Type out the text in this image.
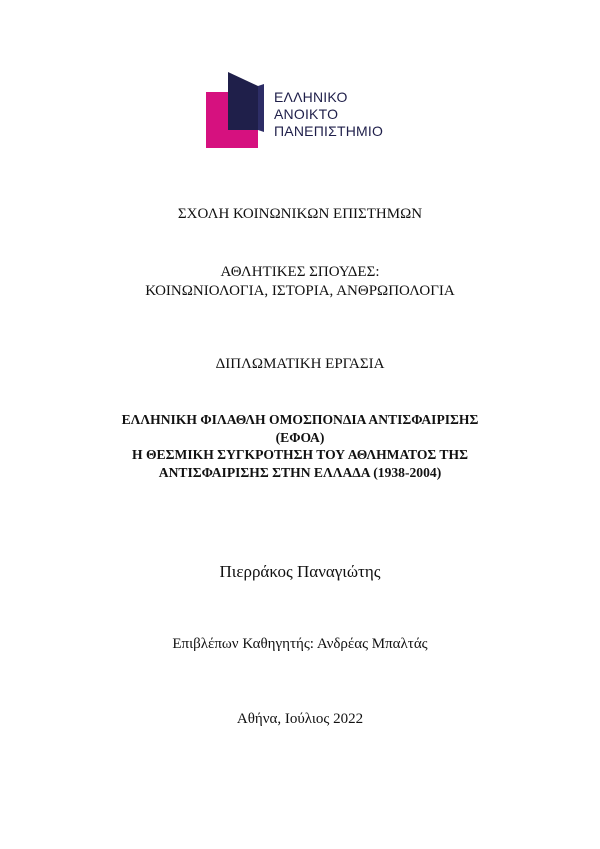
ΕΛΛΗΝΙΚΟ
ΑΝΟΙΚΤΟ
ΠΑΝΕΠΙΣΤΗΜΙΟ
ΣΧΟΛΗ ΚΟΙΝΩΝΙΚΩΝ ΕΠΙΣΤΗΜΩΝ
ΑΘΛΗΤΙΚΕΣ ΣΠΟΥΔΕΣ:
ΚΟΙΝΩΝΙΟΛΟΓΙΑ, ΙΣΤΟΡΙΑ, ΑΝΘΡΩΠΟΛΟΓΙΑ
ΔΙΠΛΩΜΑΤΙΚΗ ΕΡΓΑΣΙΑ
ΕΛΛΗΝΙΚΗ ΦΙΛΑΘΛΗ ΟΜΟΣΠΟΝΔΙΑ ΑΝΤΙΣΦΑΙΡΙΣΗΣ
(ΕΦΟΑ)
Η ΘΕΣΜΙΚΗ ΣΥΓΚΡΟΤΗΣΗ ΤΟΥ ΑΘΛΗΜΑΤΟΣ ΤΗΣ
ΑΝΤΙΣΦΑΙΡΙΣΗΣ ΣΤΗΝ ΕΛΛΑΔΑ (1938-2004)
Πιερράκος Παναγιώτης
Επιβλέπων Καθηγητής: Ανδρέας Μπαλτάς
Αθήνα, Ιούλιος 2022
